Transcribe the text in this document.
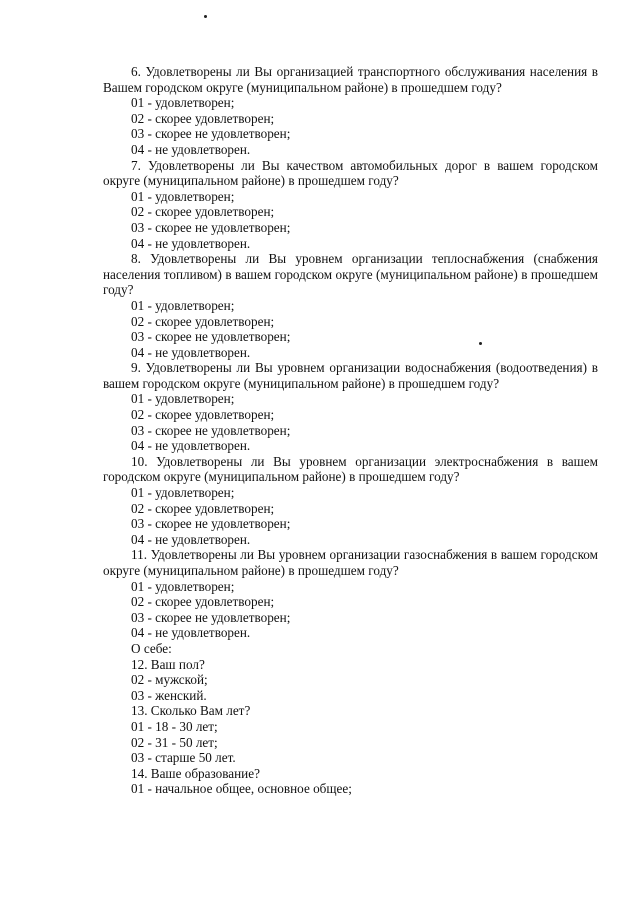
6. Удовлетворены ли Вы организацией транспортного обслуживания населения в Вашем городском округе (муниципальном районе) в прошедшем году?

01 - удовлетворен;

02 - скорее удовлетворен;

03 - скорее не удовлетворен;

04 - не удовлетворен.

7. Удовлетворены ли Вы качеством автомобильных дорог в вашем городском округе (муниципальном районе) в прошедшем году?

01 - удовлетворен;

02 - скорее удовлетворен;

03 - скорее не удовлетворен;

04 - не удовлетворен.

8. Удовлетворены ли Вы уровнем организации теплоснабжения (снабжения населения топливом) в вашем городском округе (муниципальном районе) в прошедшем году?

01 - удовлетворен;

02 - скорее удовлетворен;

03 - скорее не удовлетворен;

04 - не удовлетворен.

9. Удовлетворены ли Вы уровнем организации водоснабжения (водоотведения) в вашем городском округе (муниципальном районе) в прошедшем году?

01 - удовлетворен;

02 - скорее удовлетворен;

03 - скорее не удовлетворен;

04 - не удовлетворен.

10. Удовлетворены ли Вы уровнем организации электроснабжения в вашем городском округе (муниципальном районе) в прошедшем году?

01 - удовлетворен;

02 - скорее удовлетворен;

03 - скорее не удовлетворен;

04 - не удовлетворен.

11. Удовлетворены ли Вы уровнем организации газоснабжения в вашем городском округе (муниципальном районе) в прошедшем году?

01 - удовлетворен;

02 - скорее удовлетворен;

03 - скорее не удовлетворен;

04 - не удовлетворен.

О себе:

12. Ваш пол?

02 - мужской;

03 - женский.

13. Сколько Вам лет?

01 - 18 - 30 лет;

02 - 31 - 50 лет;

03 - старше 50 лет.

14. Ваше образование?

01 - начальное общее, основное общее;
